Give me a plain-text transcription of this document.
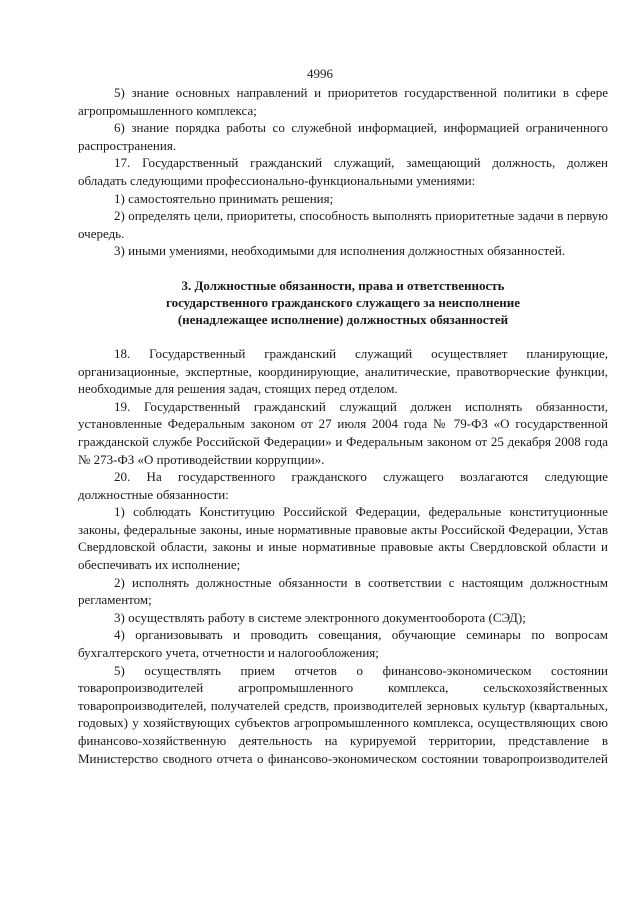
4996

5) знание основных направлений и приоритетов государственной политики в сфере агропромышленного комплекса;

6) знание порядка работы со служебной информацией, информацией ограниченного распространения.

17. Государственный гражданский служащий, замещающий должность, должен обладать следующими профессионально-функциональными умениями:

1) самостоятельно принимать решения;

2) определять цели, приоритеты, способность выполнять приоритетные задачи в первую очередь.

3) иными умениями, необходимыми для исполнения должностных обязанностей.

3. Должностные обязанности, права и ответственность
государственного гражданского служащего за неисполнение
(ненадлежащее исполнение) должностных обязанностей

18. Государственный гражданский служащий осуществляет планирующие, организационные, экспертные, координирующие, аналитические, правотворческие функции, необходимые для решения задач, стоящих перед отделом.

19. Государственный гражданский служащий должен исполнять обязанности, установленные Федеральным законом от 27 июля 2004 года № 79-ФЗ «О государственной гражданской службе Российской Федерации» и Федеральным законом от 25 декабря 2008 года № 273-ФЗ «О противодействии коррупции».

20. На государственного гражданского служащего возлагаются следующие должностные обязанности:

1) соблюдать Конституцию Российской Федерации, федеральные конституционные законы, федеральные законы, иные нормативные правовые акты Российской Федерации, Устав Свердловской области, законы и иные нормативные правовые акты Свердловской области и обеспечивать их исполнение;

2) исполнять должностные обязанности в соответствии с настоящим должностным регламентом;

3) осуществлять работу в системе электронного документооборота (СЭД);

4) организовывать и проводить совещания, обучающие семинары по вопросам бухгалтерского учета, отчетности и налогообложения;

5) осуществлять прием отчетов о финансово-экономическом состоянии товаропроизводителей агропромышленного комплекса, сельскохозяйственных товаропроизводителей, получателей средств, производителей зерновых культур (квартальных, годовых) у хозяйствующих субъектов агропромышленного комплекса, осуществляющих свою финансово-хозяйственную деятельность на курируемой территории, представление в Министерство сводного отчета о финансово-экономическом состоянии товаропроизводителей
